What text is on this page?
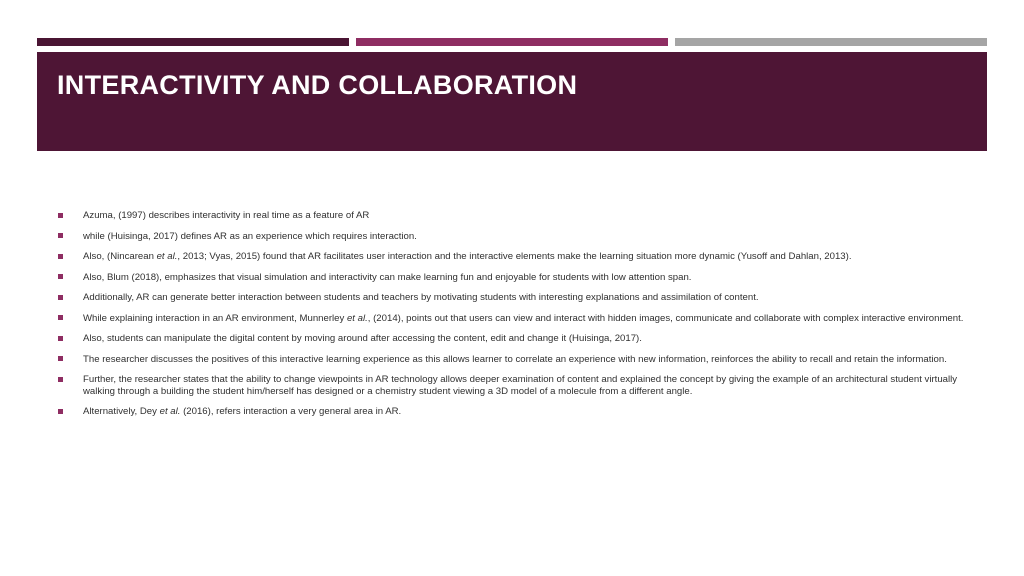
INTERACTIVITY AND COLLABORATION
Azuma, (1997) describes interactivity in real time as a feature of AR
while (Huisinga, 2017) defines AR as an experience which requires interaction.
Also, (Nincarean et al., 2013; Vyas, 2015) found that AR facilitates user interaction and the interactive elements make the learning situation more dynamic (Yusoff and Dahlan, 2013).
Also, Blum (2018), emphasizes that visual simulation and interactivity can make learning fun and enjoyable for students with low attention span.
Additionally, AR can generate better interaction between students and teachers by motivating students with interesting explanations and assimilation of content.
While explaining interaction in an AR environment, Munnerley et al., (2014), points out that users can view and interact with hidden images, communicate and collaborate with complex interactive environment.
Also, students can manipulate the digital content by moving around after accessing the content, edit and change it (Huisinga, 2017).
The researcher discusses the positives of this interactive learning experience as this allows learner to correlate an experience with new information, reinforces the ability to recall and retain the information.
Further, the researcher states that the ability to change viewpoints in AR technology allows deeper examination of content and explained the concept by giving the example of an architectural student virtually walking through a building the student him/herself has designed or a chemistry student viewing a 3D model of a molecule from a different angle.
Alternatively, Dey et al. (2016), refers interaction a very general area in AR.
